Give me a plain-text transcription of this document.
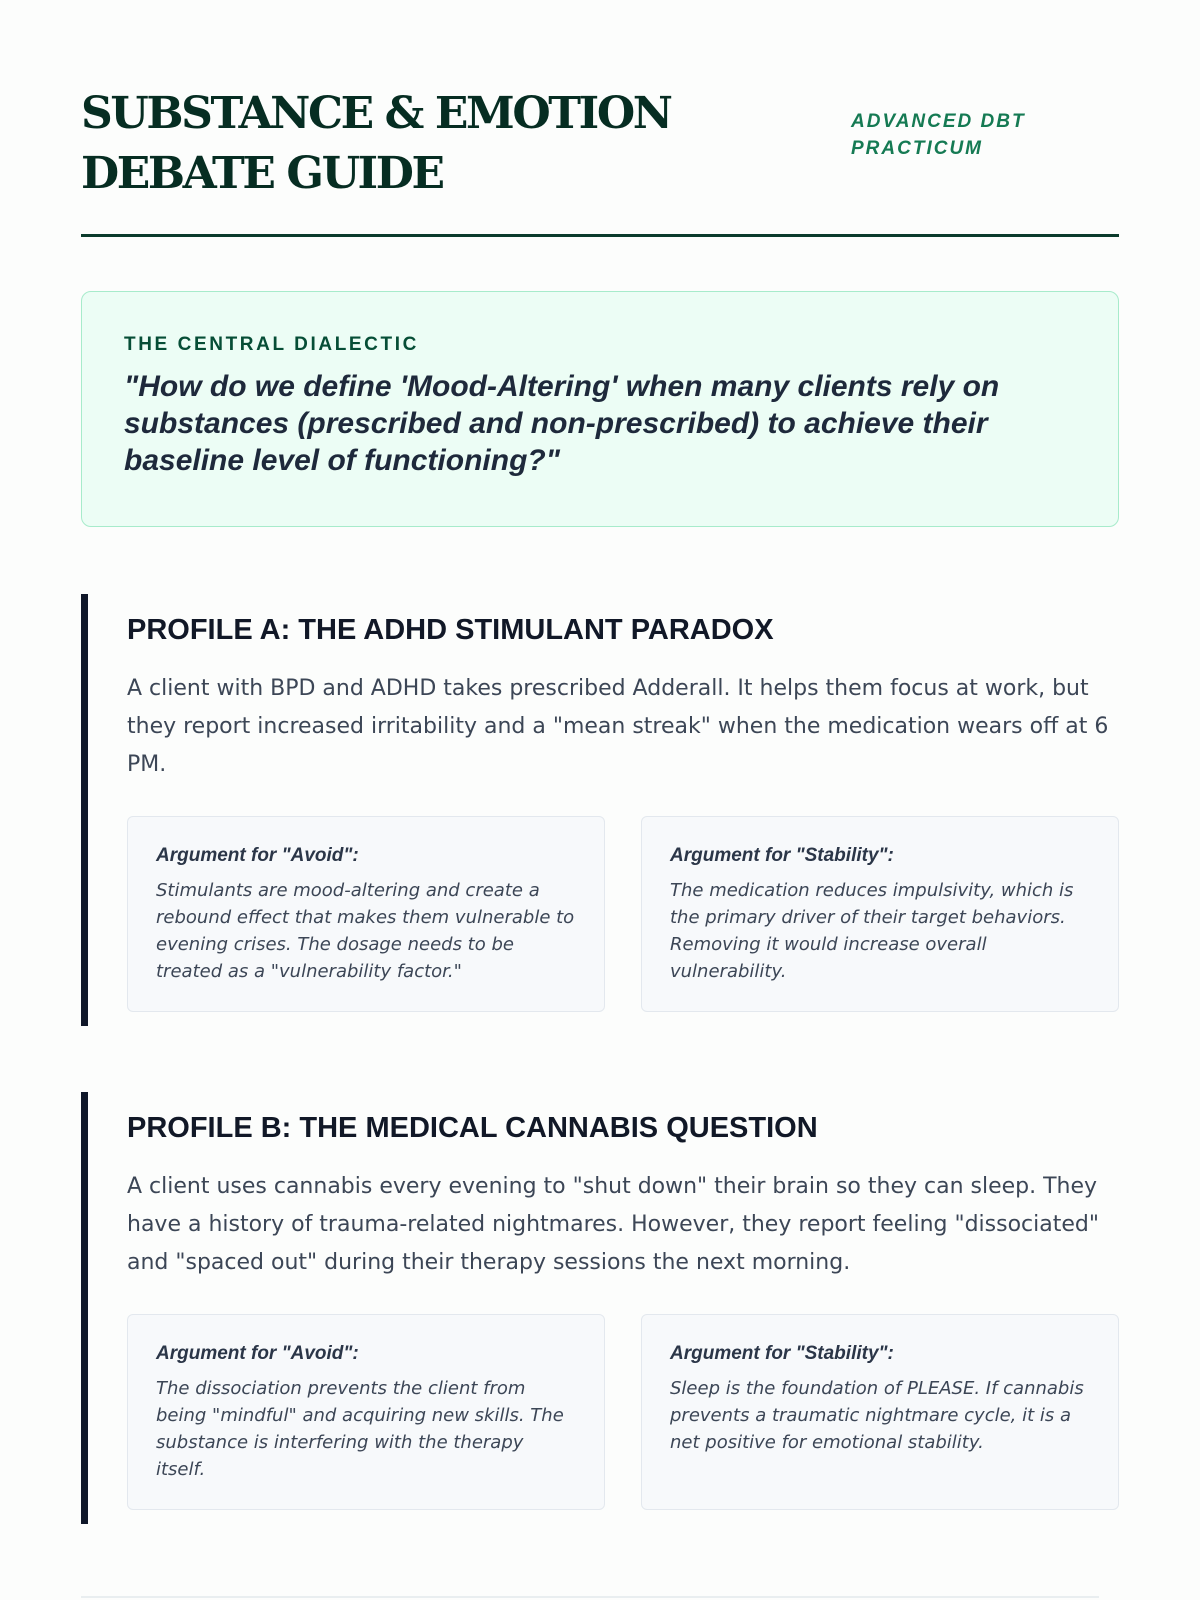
SUBSTANCE & EMOTION DEBATE GUIDE
ADVANCED DBT PRACTICUM
THE CENTRAL DIALECTIC
"How do we define 'Mood-Altering' when many clients rely on substances (prescribed and non-prescribed) to achieve their baseline level of functioning?"
PROFILE A: THE ADHD STIMULANT PARADOX

A client with BPD and ADHD takes prescribed Adderall. It helps them focus at work, but they report increased irritability and a "mean streak" when the medication wears off at 6 PM.

Argument for "Avoid":
Stimulants are mood-altering and create a rebound effect that makes them vulnerable to evening crises. The dosage needs to be treated as a "vulnerability factor."
Argument for "Stability":
The medication reduces impulsivity, which is the primary driver of their target behaviors. Removing it would increase overall vulnerability.
PROFILE B: THE MEDICAL CANNABIS QUESTION

A client uses cannabis every evening to "shut down" their brain so they can sleep. They have a history of trauma-related nightmares. However, they report feeling "dissociated" and "spaced out" during their therapy sessions the next morning.

Argument for "Avoid":
The dissociation prevents the client from being "mindful" and acquiring new skills. The substance is interfering with the therapy itself.
Argument for "Stability":
Sleep is the foundation of PLEASE. If cannabis prevents a traumatic nightmare cycle, it is a net positive for emotional stability.
